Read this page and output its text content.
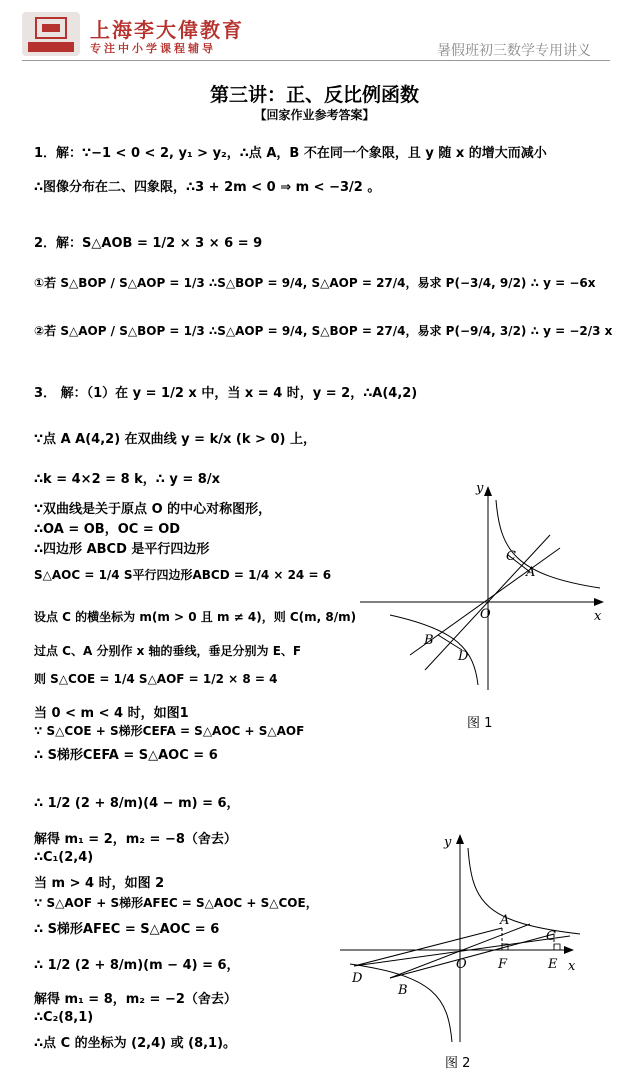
上海李大偉教育
专注中小学课程辅导	暑假班初三数学专用讲义
第三讲：正、反比例函数
【回家作业参考答案】
1．解：∵−1 < 0 < 2, y₁ > y₂，∴点 A，B 不在同一个象限，且 y 随 x 的增大而减小
∴图像分布在二、四象限，∴3 + 2m < 0 ⇒ m < −3/2 。
2．解：S△AOB = 1/2 × 3 × 6 = 9
①若 S△BOP / S△AOP = 1/3 ∴S△BOP = 9/4, S△AOP = 27/4，易求 P(−3/4, 9/2) ∴ y = −6x
②若 S△AOP / S△BOP = 1/3 ∴S△AOP = 9/4, S△BOP = 27/4，易求 P(−9/4, 3/2) ∴ y = −2/3 x
3． 解：（1）在 y = 1/2 x 中，当 x = 4 时，y = 2，∴A(4,2)
∵点 A A(4,2) 在双曲线 y = k/x (k > 0) 上，
∴k = 4×2 = 8 k，∴ y = 8/x
∵双曲线是关于原点 O 的中心对称图形，
∴OA = OB，OC = OD
∴四边形 ABCD 是平行四边形
S△AOC = 1/4 S平行四边形ABCD = 1/4 × 24 = 6
设点 C 的横坐标为 m(m > 0 且 m ≠ 4)，则 C(m, 8/m)
过点 C、A 分别作 x 轴的垂线，垂足分别为 E、F
则 S△COE = 1/4 S△AOF = 1/2 × 8 = 4
当 0 < m < 4 时，如图1
∵ S△COE + S梯形CEFA = S△AOC + S△AOF
∴ S梯形CEFA = S△AOC = 6
∴ 1/2 (2 + 8/m)(4 − m) = 6，
解得 m₁ = 2，m₂ = −8（舍去）
∴C₁(2,4)
当 m > 4 时，如图 2
∵ S△AOF + S梯形AFEC = S△AOC + S△COE，
∴ S梯形AFEC = S△AOC = 6
∴ 1/2 (2 + 8/m)(m − 4) = 6，
解得 m₁ = 8，m₂ = −2（舍去）
∴C₂(8,1)
∴点 C 的坐标为 (2,4) 或 (8,1)。
y
x
C
A
O
B
D
图 1
y
x
A
C
O F	E
D
B
图 2
